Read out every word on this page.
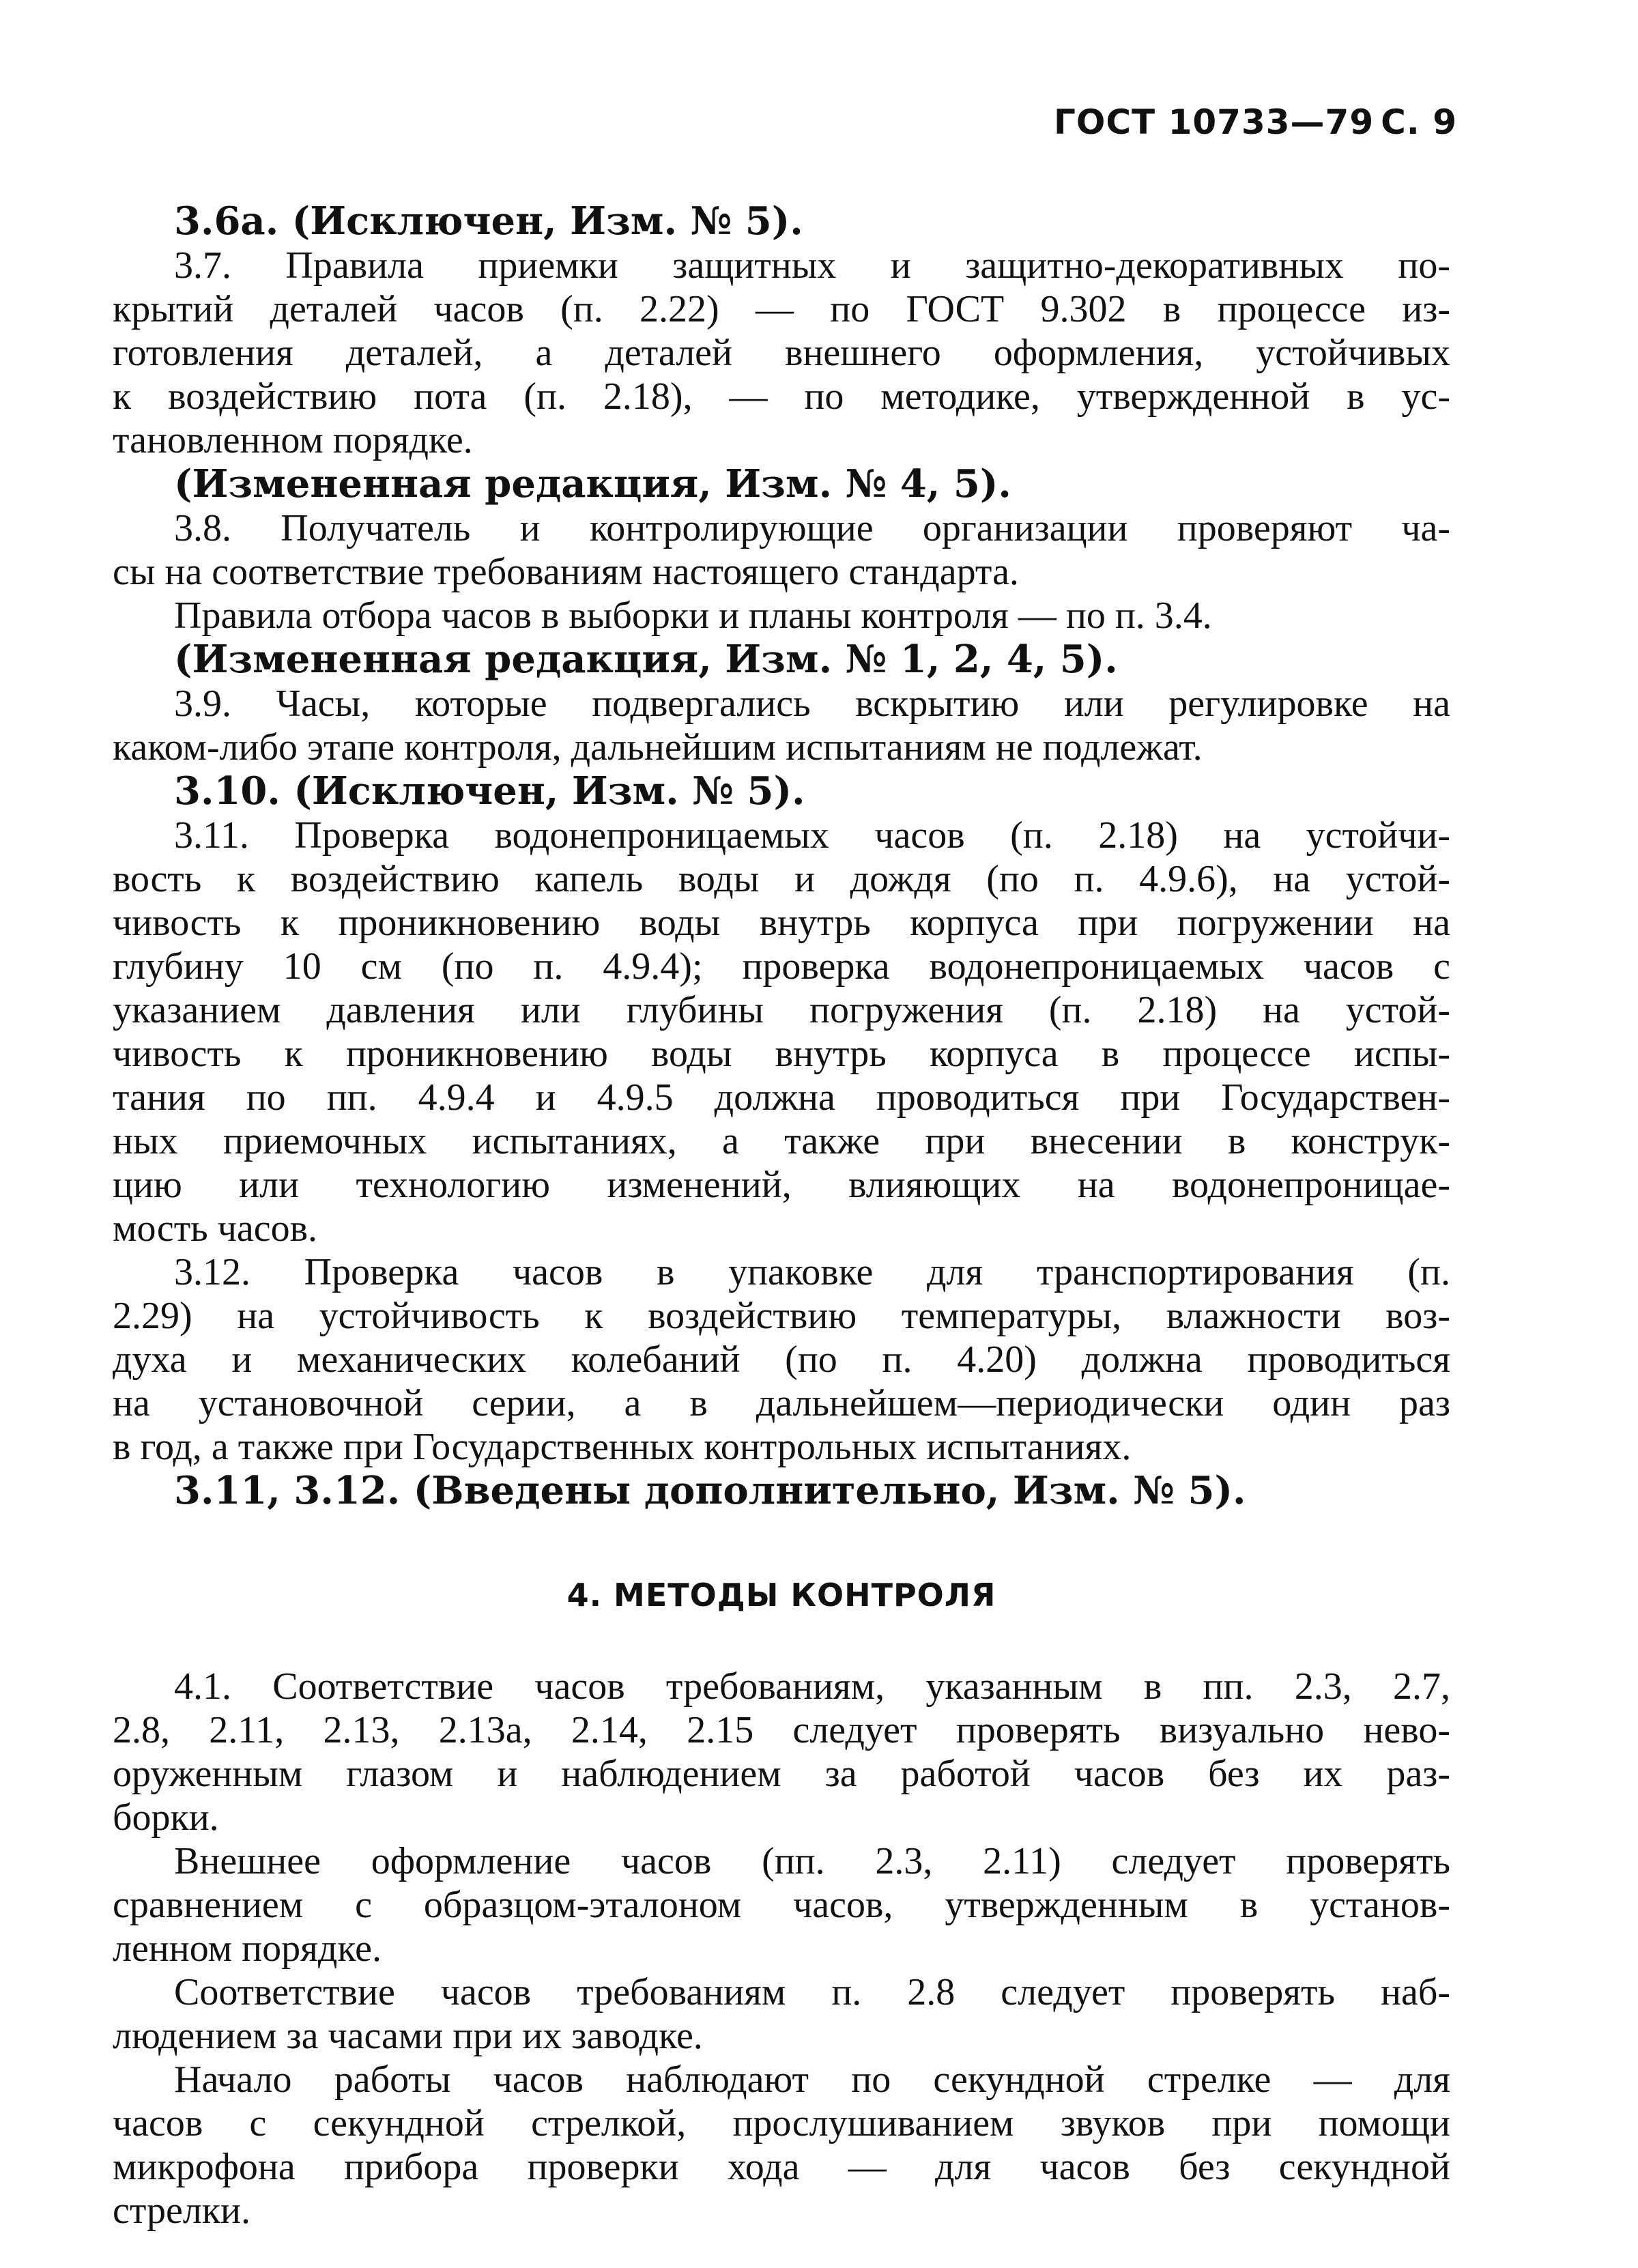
ГОСТ 10733—79 С. 9
3.6а. (Исключен, Изм. № 5).
3.7. Правила приемки защитных и защитно-декоративных по-
крытий деталей часов (п. 2.22) — по ГОСТ 9.302 в процессе из-
готовления деталей, а деталей внешнего оформления, устойчивых
к воздействию пота (п. 2.18), — по методике, утвержденной в ус-
тановленном порядке.
(Измененная редакция, Изм. № 4, 5).
3.8. Получатель и контролирующие организации проверяют ча-
сы на соответствие требованиям настоящего стандарта.
Правила отбора часов в выборки и планы контроля — по п. 3.4.
(Измененная редакция, Изм. № 1, 2, 4, 5).
3.9. Часы, которые подвергались вскрытию или регулировке на
каком-либо этапе контроля, дальнейшим испытаниям не подлежат.
3.10. (Исключен, Изм. № 5).
3.11. Проверка водонепроницаемых часов (п. 2.18) на устойчи-
вость к воздействию капель воды и дождя (по п. 4.9.6), на устой-
чивость к проникновению воды внутрь корпуса при погружении на
глубину 10 см (по п. 4.9.4); проверка водонепроницаемых часов с
указанием давления или глубины погружения (п. 2.18) на устой-
чивость к проникновению воды внутрь корпуса в процессе испы-
тания по пп. 4.9.4 и 4.9.5 должна проводиться при Государствен-
ных приемочных испытаниях, а также при внесении в конструк-
цию или технологию изменений, влияющих на водонепроницае-
мость часов.
3.12. Проверка часов в упаковке для транспортирования (п.
2.29) на устойчивость к воздействию температуры, влажности воз-
духа и механических колебаний (по п. 4.20) должна проводиться
на установочной серии, а в дальнейшем—периодически один раз
в год, а также при Государственных контрольных испытаниях.
3.11, 3.12. (Введены дополнительно, Изм. № 5).
4. МЕТОДЫ КОНТРОЛЯ
4.1. Соответствие часов требованиям, указанным в пп. 2.3, 2.7,
2.8, 2.11, 2.13, 2.13а, 2.14, 2.15 следует проверять визуально нево-
оруженным глазом и наблюдением за работой часов без их раз-
борки.
Внешнее оформление часов (пп. 2.3, 2.11) следует проверять
сравнением с образцом-эталоном часов, утвержденным в установ-
ленном порядке.
Соответствие часов требованиям п. 2.8 следует проверять наб-
людением за часами при их заводке.
Начало работы часов наблюдают по секундной стрелке — для
часов с секундной стрелкой, прослушиванием звуков при помощи
микрофона прибора проверки хода — для часов без секундной
стрелки.
